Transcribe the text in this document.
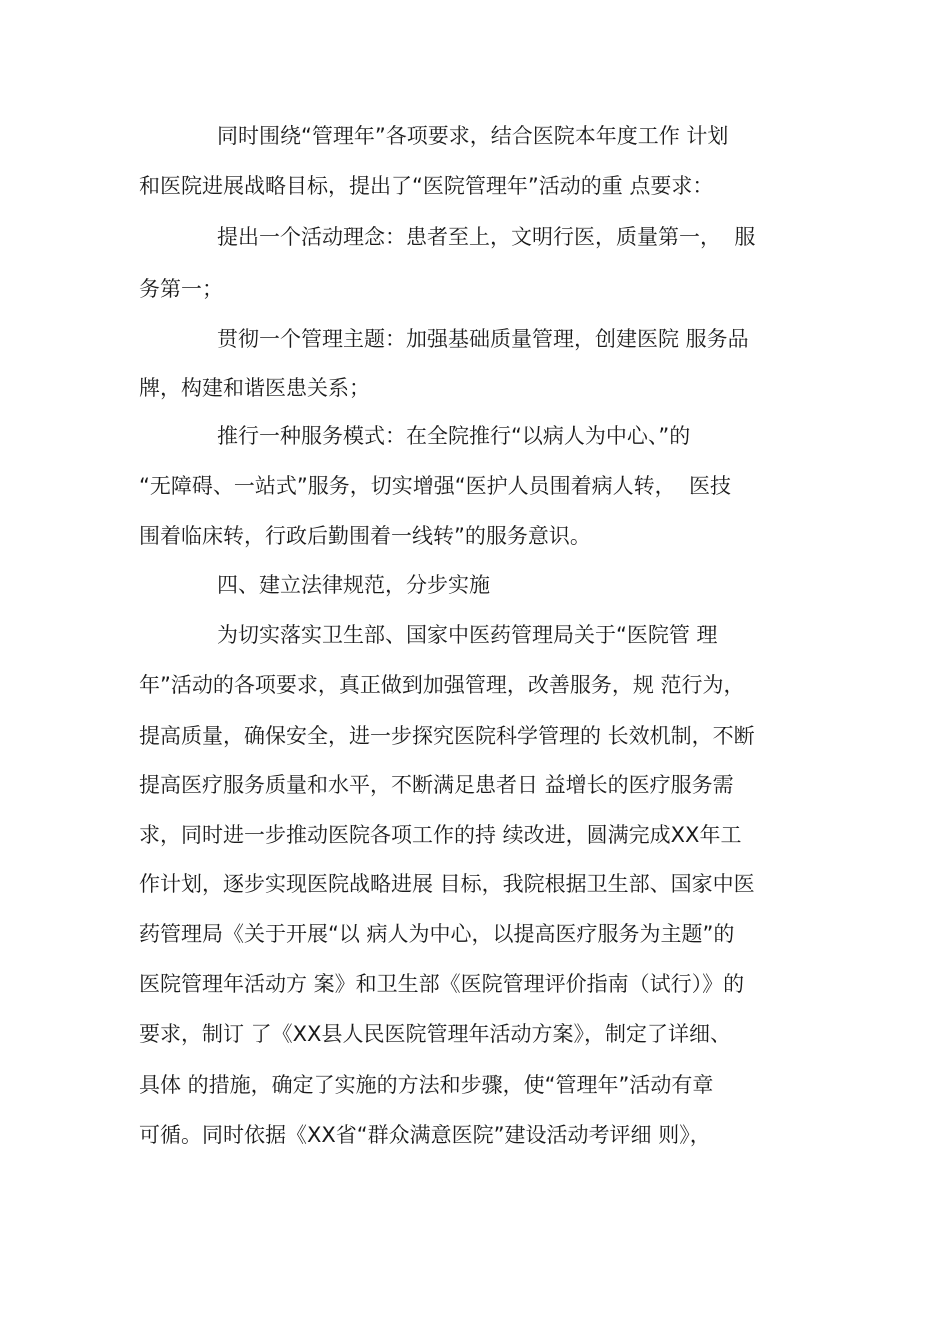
同时围绕“管理年”各项要求，结合医院本年度工作 计划
和医院进展战略目标，提出了“医院管理年”活动的重 点要求：
提出一个活动理念：患者至上，文明行医，质量第一，  服
务第一；
贯彻一个管理主题：加强基础质量管理，创建医院 服务品
牌，构建和谐医患关系；
推行一种服务模式：在全院推行“以病人为中心、”的
“无障碍、一站式”服务，切实增强“医护人员围着病人转，  医技
围着临床转，行政后勤围着一线转”的服务意识。
四、建立法律规范，分步实施
为切实落实卫生部、国家中医药管理局关于“医院管 理
年”活动的各项要求，真正做到加强管理，改善服务，规 范行为，
提高质量，确保安全，进一步探究医院科学管理的 长效机制，不断
提高医疗服务质量和水平，不断满足患者日 益增长的医疗服务需
求，同时进一步推动医院各项工作的持 续改进，圆满完成XX年工
作计划，逐步实现医院战略进展 目标，我院根据卫生部、国家中医
药管理局《关于开展“以 病人为中心，以提高医疗服务为主题”的
医院管理年活动方 案》和卫生部《医院管理评价指南（试行）》的
要求，制订 了《XX县人民医院管理年活动方案》，制定了详细、
具体 的措施，确定了实施的方法和步骤，使“管理年”活动有章
可循。同时依据《XX省“群众满意医院”建设活动考评细 则》，
